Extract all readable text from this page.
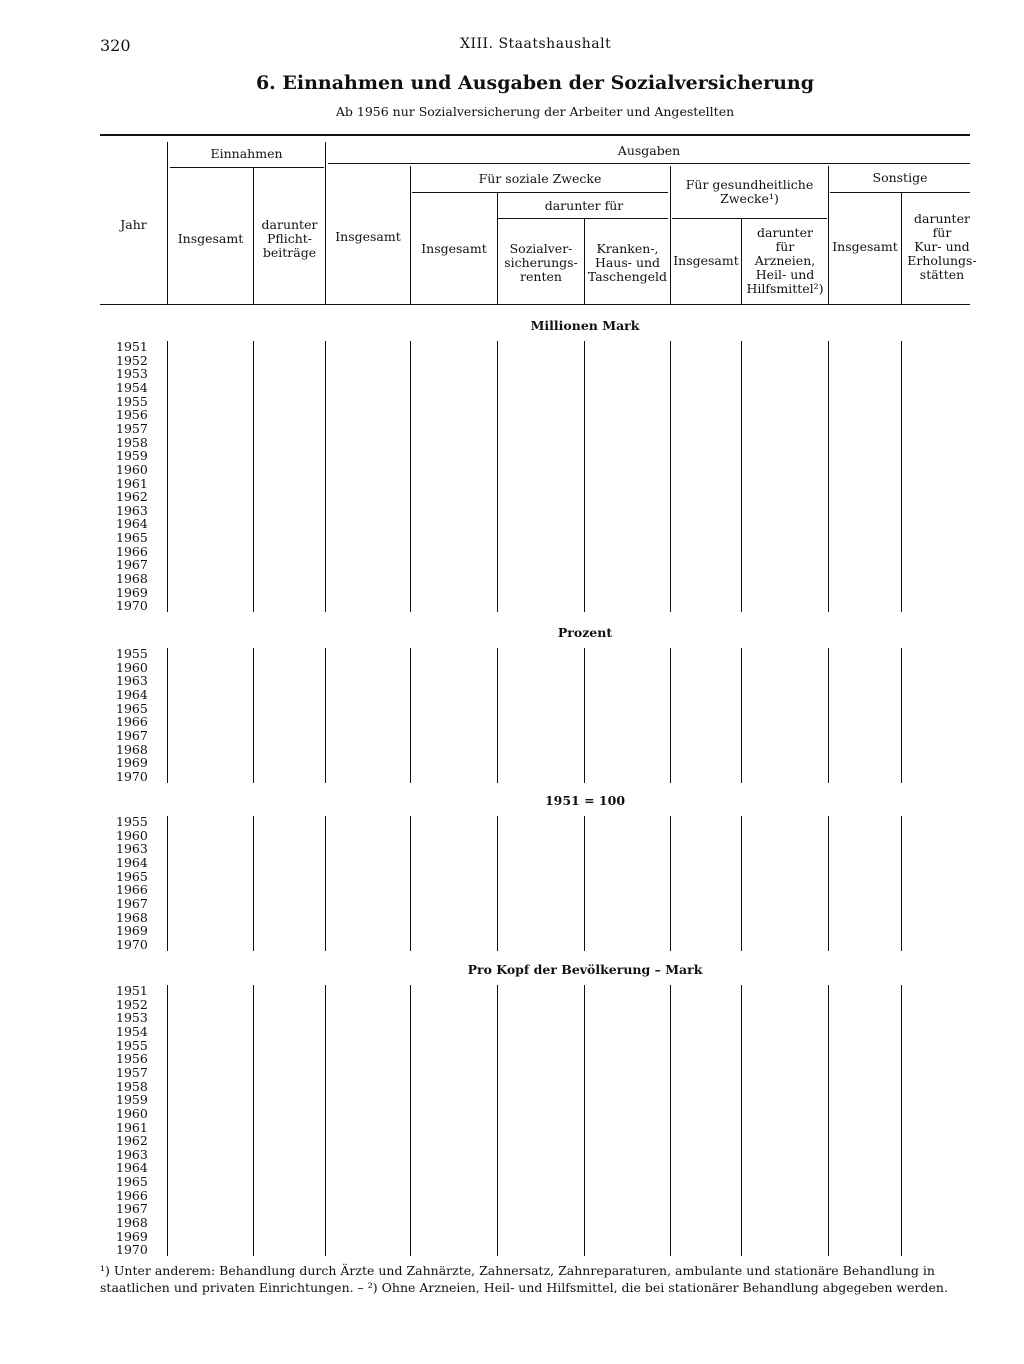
320	XIII. Staatshaushalt
6. Einnahmen und Ausgaben der Sozialversicherung
Ab 1956 nur Sozialversicherung der Arbeiter und Angestellten
Jahr
Einnahmen	Ausgaben
Insgesamt
darunter
Pflicht-
beiträge
Insgesamt
Für soziale Zwecke
Insgesamt
darunter für
Sozialver-
sicherungs-
renten
Kranken-,
Haus- und
Taschengeld
Für gesundheitliche
Zwecke¹)
Insgesamt
darunter
für
Arzneien,
Heil- und
Hilfsmittel²)
Sonstige
Insgesamt
darunter
für
Kur- und
Erholungs-
stätten
Millionen Mark
1951
1952
1953
1954
1955
1956
1957
1958
1959
1960
1961
1962
1963
1964
1965
1966
1967
1968
1969
1970
Prozent
1955
1960
1963
1964
1965
1966
1967
1968
1969
1970
1951 = 100
1955
1960
1963
1964
1965
1966
1967
1968
1969
1970
Pro Kopf der Bevölkerung – Mark
1951
1952
1953
1954
1955
1956
1957
1958
1959
1960
1961
1962
1963
1964
1965
1966
1967
1968
1969
1970
¹) Unter anderem: Behandlung durch Ärzte und Zahnärzte, Zahnersatz, Zahnreparaturen, ambulante und stationäre Behandlung in staatlichen und privaten Einrichtungen. – ²) Ohne Arzneien, Heil- und Hilfsmittel, die bei stationärer Behandlung abgegeben werden.
